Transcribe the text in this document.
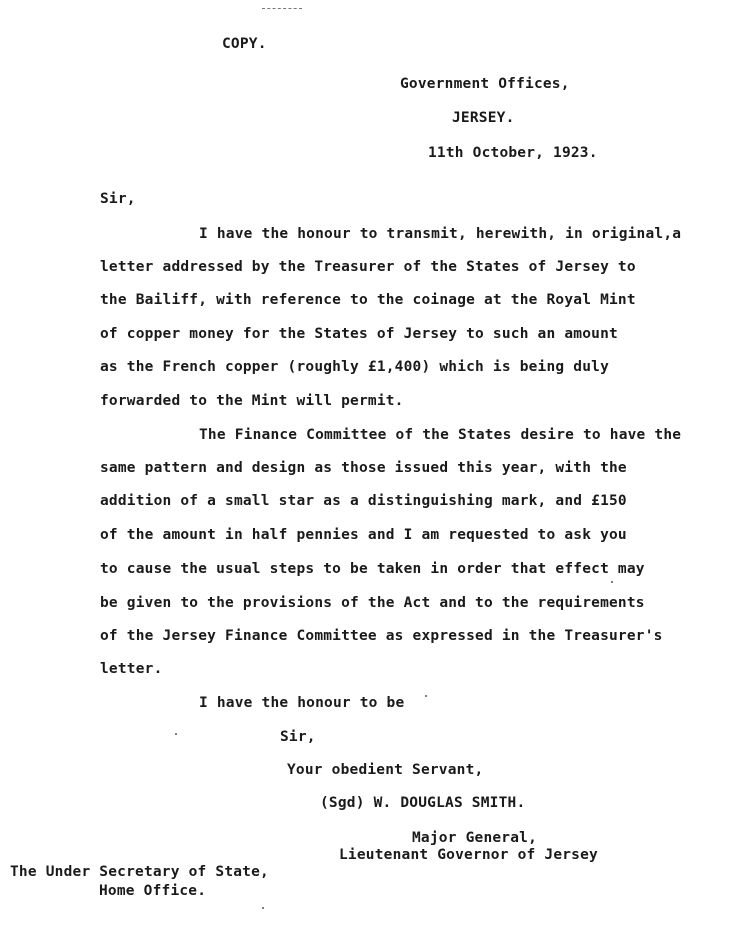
COPY.
Government Offices,
JERSEY.
11th October, 1923.
Sir,
I have the honour to transmit, herewith, in original,a
letter addressed by the Treasurer of the States of Jersey to
the Bailiff, with reference to the coinage at the Royal Mint
of copper money for the States of Jersey to such an amount
as the French copper (roughly £1,400) which is being duly
forwarded to the Mint will permit.
The Finance Committee of the States desire to have the
same pattern and design as those issued this year, with the
addition of a small star as a distinguishing mark, and £150
of the amount in half pennies and I am requested to ask you
to cause the usual steps to be taken in order that effect may
be given to the provisions of the Act and to the requirements
of the Jersey Finance Committee as expressed in the Treasurer's
letter.
I have the honour to be
Sir,
Your obedient Servant,
(Sgd) W. DOUGLAS SMITH.
Major General,
Lieutenant Governor of Jersey
The Under Secretary of State,
Home Office.
